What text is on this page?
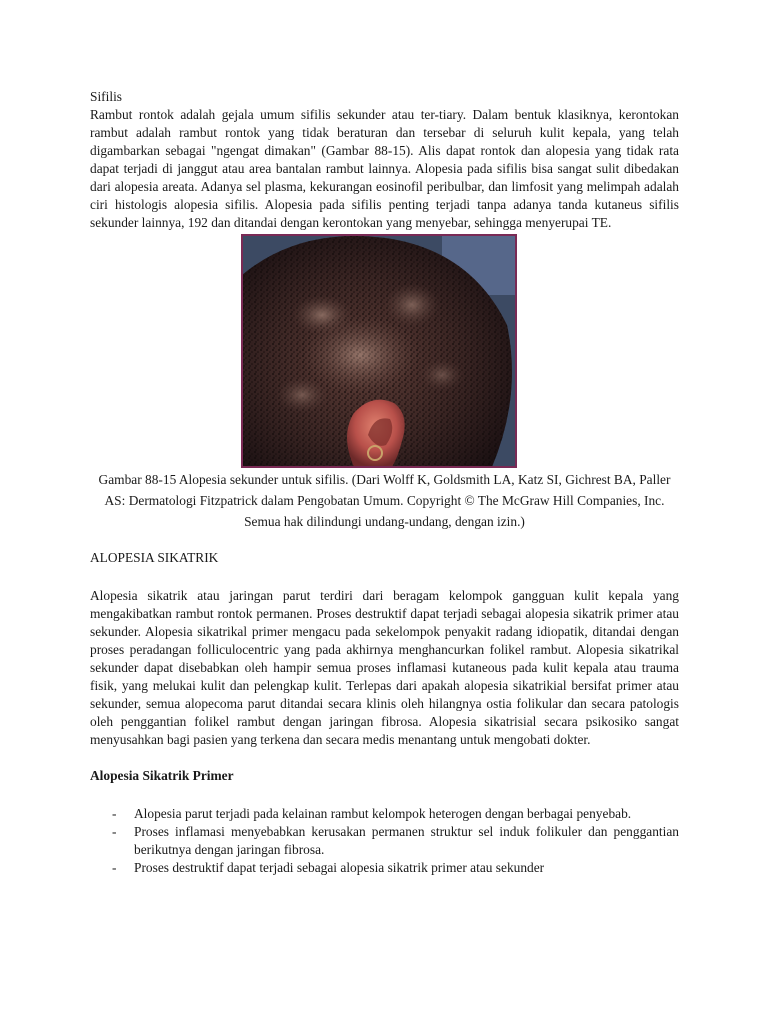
Sifilis

Rambut rontok adalah gejala umum sifilis sekunder atau ter-tiary. Dalam bentuk klasiknya, kerontokan rambut adalah rambut rontok yang tidak beraturan dan tersebar di seluruh kulit kepala, yang telah digambarkan sebagai "ngengat dimakan" (Gambar 88-15). Alis dapat rontok dan alopesia yang tidak rata dapat terjadi di janggut atau area bantalan rambut lainnya. Alopesia pada sifilis bisa sangat sulit dibedakan dari alopesia areata. Adanya sel plasma, kekurangan eosinofil peribulbar, dan limfosit yang melimpah adalah ciri histologis alopesia sifilis. Alopesia pada sifilis penting terjadi tanpa adanya tanda kutaneus sifilis sekunder lainnya, 192 dan ditandai dengan kerontokan yang menyebar, sehingga menyerupai TE.

Gambar 88-15 Alopesia sekunder untuk sifilis. (Dari Wolff K, Goldsmith LA, Katz SI, Gichrest BA, Paller AS: Dermatologi Fitzpatrick dalam Pengobatan Umum. Copyright © The McGraw Hill Companies, Inc. Semua hak dilindungi undang-undang, dengan izin.)

ALOPESIA SIKATRIK

Alopesia sikatrik atau jaringan parut terdiri dari beragam kelompok gangguan kulit kepala yang mengakibatkan rambut rontok permanen. Proses destruktif dapat terjadi sebagai alopesia sikatrik primer atau sekunder. Alopesia sikatrikal primer mengacu pada sekelompok penyakit radang idiopatik, ditandai dengan proses peradangan folliculocentric yang pada akhirnya menghancurkan folikel rambut. Alopesia sikatrikal sekunder dapat disebabkan oleh hampir semua proses inflamasi kutaneous pada kulit kepala atau trauma fisik, yang melukai kulit dan pelengkap kulit. Terlepas dari apakah alopesia sikatrikial bersifat primer atau sekunder, semua alopecoma parut ditandai secara klinis oleh hilangnya ostia folikular dan secara patologis oleh penggantian folikel rambut dengan jaringan fibrosa. Alopesia sikatrisial secara psikosiko sangat menyusahkan bagi pasien yang terkena dan secara medis menantang untuk mengobati dokter.

Alopesia Sikatrik Primer

- Alopesia parut terjadi pada kelainan rambut kelompok heterogen dengan berbagai penyebab.
- Proses inflamasi menyebabkan kerusakan permanen struktur sel induk folikuler dan penggantian berikutnya dengan jaringan fibrosa.
- Proses destruktif dapat terjadi sebagai alopesia sikatrik primer atau sekunder
